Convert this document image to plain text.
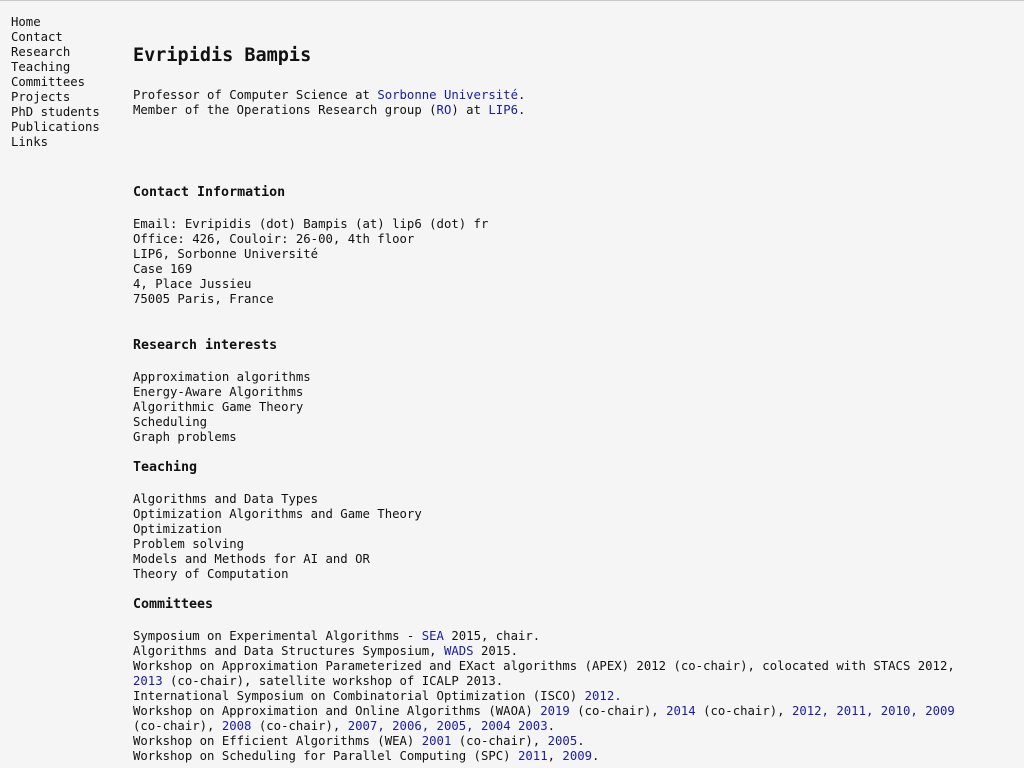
Home
Contact
Research
Teaching
Committees
Projects
PhD students
Publications
Links
Evripidis Bampis
Professor of Computer Science at Sorbonne Université.
Member of the Operations Research group (RO) at LIP6.
Contact Information
Email: Evripidis (dot) Bampis (at) lip6 (dot) fr
Office: 426, Couloir: 26-00, 4th floor
LIP6, Sorbonne Université
Case 169
4, Place Jussieu
75005 Paris, France
Research interests
Approximation algorithms
Energy-Aware Algorithms
Algorithmic Game Theory
Scheduling
Graph problems
Teaching
Algorithms and Data Types
Optimization Algorithms and Game Theory
Optimization
Problem solving
Models and Methods for AI and OR
Theory of Computation
Committees
Symposium on Experimental Algorithms - SEA 2015, chair.
Algorithms and Data Structures Symposium, WADS 2015.
Workshop on Approximation Parameterized and EXact algorithms (APEX) 2012 (co-chair), colocated with STACS 2012,
2013 (co-chair), satellite workshop of ICALP 2013.
International Symposium on Combinatorial Optimization (ISCO) 2012.
Workshop on Approximation and Online Algorithms (WAOA) 2019 (co-chair), 2014 (co-chair), 2012, 2011, 2010, 2009
(co-chair), 2008 (co-chair), 2007, 2006, 2005, 2004 2003.
Workshop on Efficient Algorithms (WEA) 2001 (co-chair), 2005.
Workshop on Scheduling for Parallel Computing (SPC) 2011, 2009.
